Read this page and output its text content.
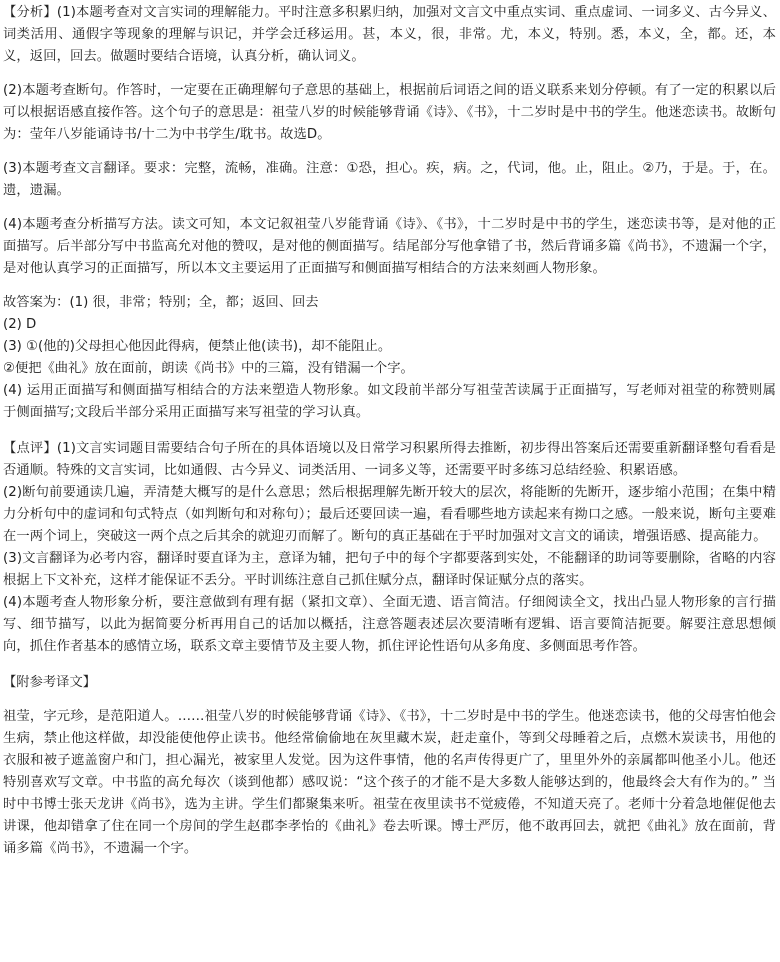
【分析】(1)本题考查对文言实词的理解能力。平时注意多积累归纳，加强对文言文中重点实词、重点虚词、一词多义、古今异义、词类活用、通假字等现象的理解与识记，并学会迁移运用。甚，本义，很，非常。尤，本义，特别。悉，本义，全，都。还，本义，返回，回去。做题时要结合语境，认真分析，确认词义。

(2)本题考查断句。作答时，一定要在正确理解句子意思的基础上，根据前后词语之间的语义联系来划分停顿。有了一定的积累以后可以根据语感直接作答。这个句子的意思是：祖莹八岁的时候能够背诵《诗》、《书》，十二岁时是中书的学生。他迷恋读书。故断句为：莹年八岁能诵诗书/十二为中书学生/耽书。故选D。

(3)本题考查文言翻译。要求：完整，流畅，准确。注意：①恐，担心。疾，病。之，代词，他。止，阻止。②乃，于是。于，在。遗，遗漏。

(4)本题考查分析描写方法。读文可知，本文记叙祖莹八岁能背诵《诗》、《书》，十二岁时是中书的学生，迷恋读书等，是对他的正面描写。后半部分写中书监高允对他的赞叹，是对他的侧面描写。结尾部分写他拿错了书，然后背诵多篇《尚书》，不遗漏一个字，是对他认真学习的正面描写，所以本文主要运用了正面描写和侧面描写相结合的方法来刻画人物形象。

故答案为：(1) 很，非常；特别；全，都；返回、回去

(2) D

(3) ①(他的)父母担心他因此得病，便禁止他(读书)，却不能阻止。

②便把《曲礼》放在面前，朗读《尚书》中的三篇，没有错漏一个字。

(4) 运用正面描写和侧面描写相结合的方法来塑造人物形象。如文段前半部分写祖莹苦读属于正面描写，写老师对祖莹的称赞则属于侧面描写;文段后半部分采用正面描写来写祖莹的学习认真。

【点评】(1)文言实词题目需要结合句子所在的具体语境以及日常学习积累所得去推断，初步得出答案后还需要重新翻译整句看看是否通顺。特殊的文言实词，比如通假、古今异义、词类活用、一词多义等，还需要平时多练习总结经验、积累语感。

(2)断句前要通读几遍，弄清楚大概写的是什么意思；然后根据理解先断开较大的层次，将能断的先断开，逐步缩小范围；在集中精力分析句中的虚词和句式特点（如判断句和对称句）；最后还要回读一遍，看看哪些地方读起来有拗口之感。一般来说，断句主要难在一两个词上，突破这一两个点之后其余的就迎刃而解了。断句的真正基础在于平时加强对文言文的诵读，增强语感、提高能力。

(3)文言翻译为必考内容，翻译时要直译为主，意译为辅，把句子中的每个字都要落到实处，不能翻译的助词等要删除，省略的内容根据上下文补充，这样才能保证不丢分。平时训练注意自己抓住赋分点，翻译时保证赋分点的落实。

(4)本题考查人物形象分析，要注意做到有理有据（紧扣文章）、全面无遗、语言简洁。仔细阅读全文，找出凸显人物形象的言行描写、细节描写，以此为据简要分析再用自己的话加以概括，注意答题表述层次要清晰有逻辑、语言要简洁扼要。解要注意思想倾向，抓住作者基本的感情立场，联系文章主要情节及主要人物，抓住评论性语句从多角度、多侧面思考作答。

【附参考译文】

祖莹，字元珍，是范阳道人。……祖莹八岁的时候能够背诵《诗》、《书》，十二岁时是中书的学生。他迷恋读书，他的父母害怕他会生病，禁止他这样做，却没能使他停止读书。他经常偷偷地在灰里藏木炭，赶走童仆，等到父母睡着之后，点燃木炭读书，用他的衣服和被子遮盖窗户和门，担心漏光，被家里人发觉。因为这件事情，他的名声传得更广了，里里外外的亲属都叫他圣小儿。他还特别喜欢写文章。中书监的高允每次（谈到他都）感叹说：“这个孩子的才能不是大多数人能够达到的，他最终会大有作为的。” 当时中书博士张天龙讲《尚书》，选为主讲。学生们都聚集来听。祖莹在夜里读书不觉疲倦，不知道天亮了。老师十分着急地催促他去讲课，他却错拿了住在同一个房间的学生赵郡李孝怡的《曲礼》卷去听课。博士严厉，他不敢再回去，就把《曲礼》放在面前，背诵多篇《尚书》，不遗漏一个字。
